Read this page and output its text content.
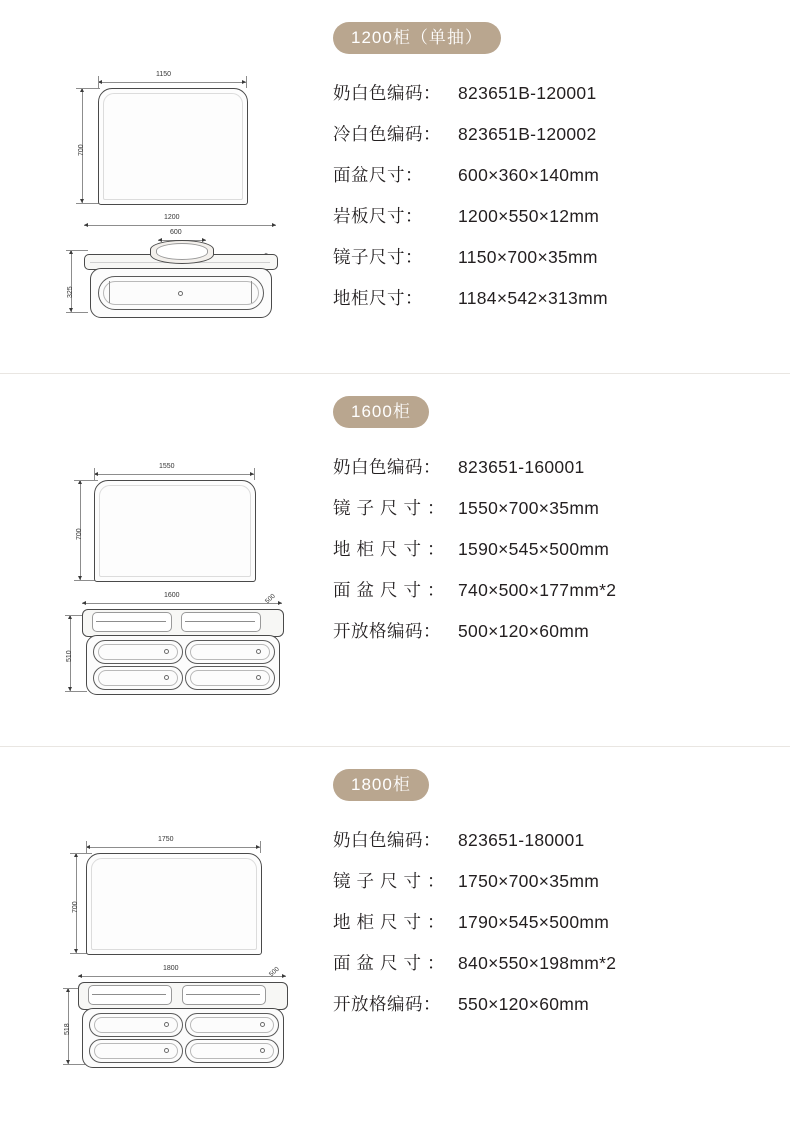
1150
700
1200
600
325
1200柜（单抽）
奶白色编码： 823651B-120001
冷白色编码： 823651B-120002
面盆尺寸：	600×360×140mm
岩板尺寸：	1200×550×12mm
镜子尺寸：	1150×700×35mm
地柜尺寸：	1184×542×313mm
1550
700
1600	500
510
1600柜
奶白色编码： 823651-160001
镜子尺寸： 1550×700×35mm
地柜尺寸： 1590×545×500mm
面盆尺寸： 740×500×177mm*2
开放格编码： 500×120×60mm
1750
700
1800	500
518
1800柜
奶白色编码： 823651-180001
镜子尺寸： 1750×700×35mm
地柜尺寸： 1790×545×500mm
面盆尺寸： 840×550×198mm*2
开放格编码： 550×120×60mm
